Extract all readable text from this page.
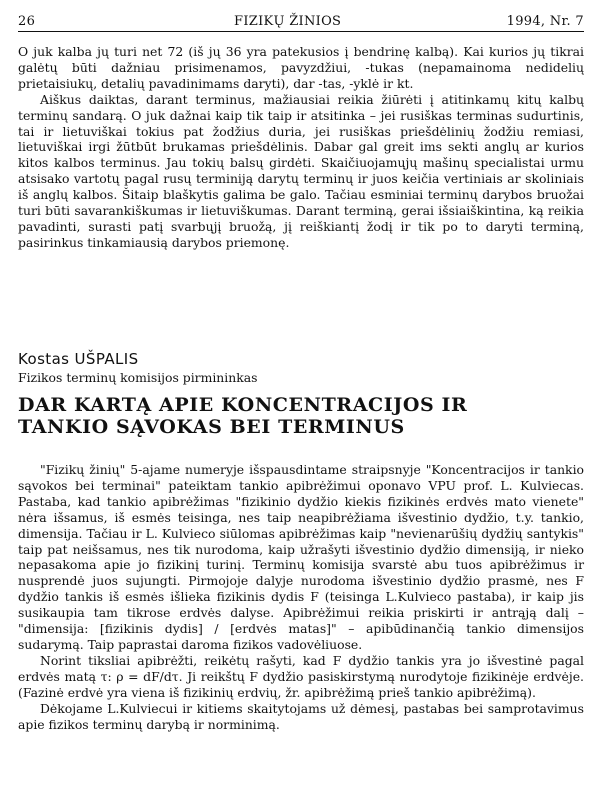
26	FIZIKŲ ŽINIOS	1994, Nr. 7

O juk kalba jų turi net 72 (iš jų 36 yra patekusios į bendrinę kalbą). Kai kurios jų tikrai galėtų būti dažniau prisimenamos, pavyzdžiui, -tukas (nepamainoma nedidelių prietaisiukų, detalių pavadinimams daryti), dar -tas, -yklė ir kt.

Aiškus daiktas, darant terminus, mažiausiai reikia žiūrėti į atitinkamų kitų kalbų terminų sandarą. O juk dažnai kaip tik taip ir atsitinka – jei rusiškas terminas sudurtinis, tai ir lietuviškai tokius pat žodžius duria, jei rusiškas priešdėlinių žodžiu remiasi, lietuviškai irgi žūtbūt brukamas priešdėlinis. Dabar gal greit ims sekti anglų ar kurios kitos kalbos terminus. Jau tokių balsų girdėti. Skaičiuojamųjų mašinų specialistai urmu atsisako vartotų pagal rusų terminiją darytų terminų ir juos keičia vertiniais ar skoliniais iš anglų kalbos. Šitaip blaškytis galima be galo. Tačiau esminiai terminų darybos bruožai turi būti savarankiškumas ir lietuviškumas. Darant terminą, gerai išsiaiškintina, ką reikia pavadinti, surasti patį svarbųjį bruožą, jį reiškiantį žodį ir tik po to daryti terminą, pasirinkus tinkamiausią darybos priemonę.

Kostas UŠPALIS
Fizikos terminų komisijos pirmininkas
DAR KARTĄ APIE KONCENTRACIJOS IR
TANKIO SĄVOKAS BEI TERMINUS

"Fizikų žinių" 5-ajame numeryje išspausdintame straipsnyje "Koncentracijos ir tankio sąvokos bei terminai" pateiktam tankio apibrėžimui oponavo VPU prof. L. Kulviecas. Pastaba, kad tankio apibrėžimas "fizikinio dydžio kiekis fizikinės erdvės mato vienete" nėra išsamus, iš esmės teisinga, nes taip neapibrėžiama išvestinio dydžio, t.y. tankio, dimensija. Tačiau ir L. Kulvieco siūlomas apibrėžimas kaip "nevienarūšių dydžių santykis" taip pat neišsamus, nes tik nurodoma, kaip užrašyti išvestinio dydžio dimensiją, ir nieko nepasakoma apie jo fizikinį turinį. Terminų komisija svarstė abu tuos apibrėžimus ir nusprendė juos sujungti. Pirmojoje dalyje nurodoma išvestinio dydžio prasmė, nes F dydžio tankis iš esmės išlieka fizikinis dydis F (teisinga L.Kulvieco pastaba), ir kaip jis susikaupia tam tikrose erdvės dalyse. Apibrėžimui reikia priskirti ir antrąją dalį – "dimensija: [fizikinis dydis] / [erdvės matas]" – apibūdinančią tankio dimensijos sudarymą. Taip paprastai daroma fizikos vadovėliuose.

Norint tiksliai apibrėžti, reikėtų rašyti, kad F dydžio tankis yra jo išvestinė pagal erdvės matą τ: ρ = dF/dτ. Ji reikštų F dydžio pasiskirstymą nurodytoje fizikinėje erdvėje. (Fazinė erdvė yra viena iš fizikinių erdvių, žr. apibrėžimą prieš tankio apibrėžimą).

Dėkojame L.Kulviecui ir kitiems skaitytojams už dėmesį, pastabas bei samprotavimus apie fizikos terminų darybą ir norminimą.
